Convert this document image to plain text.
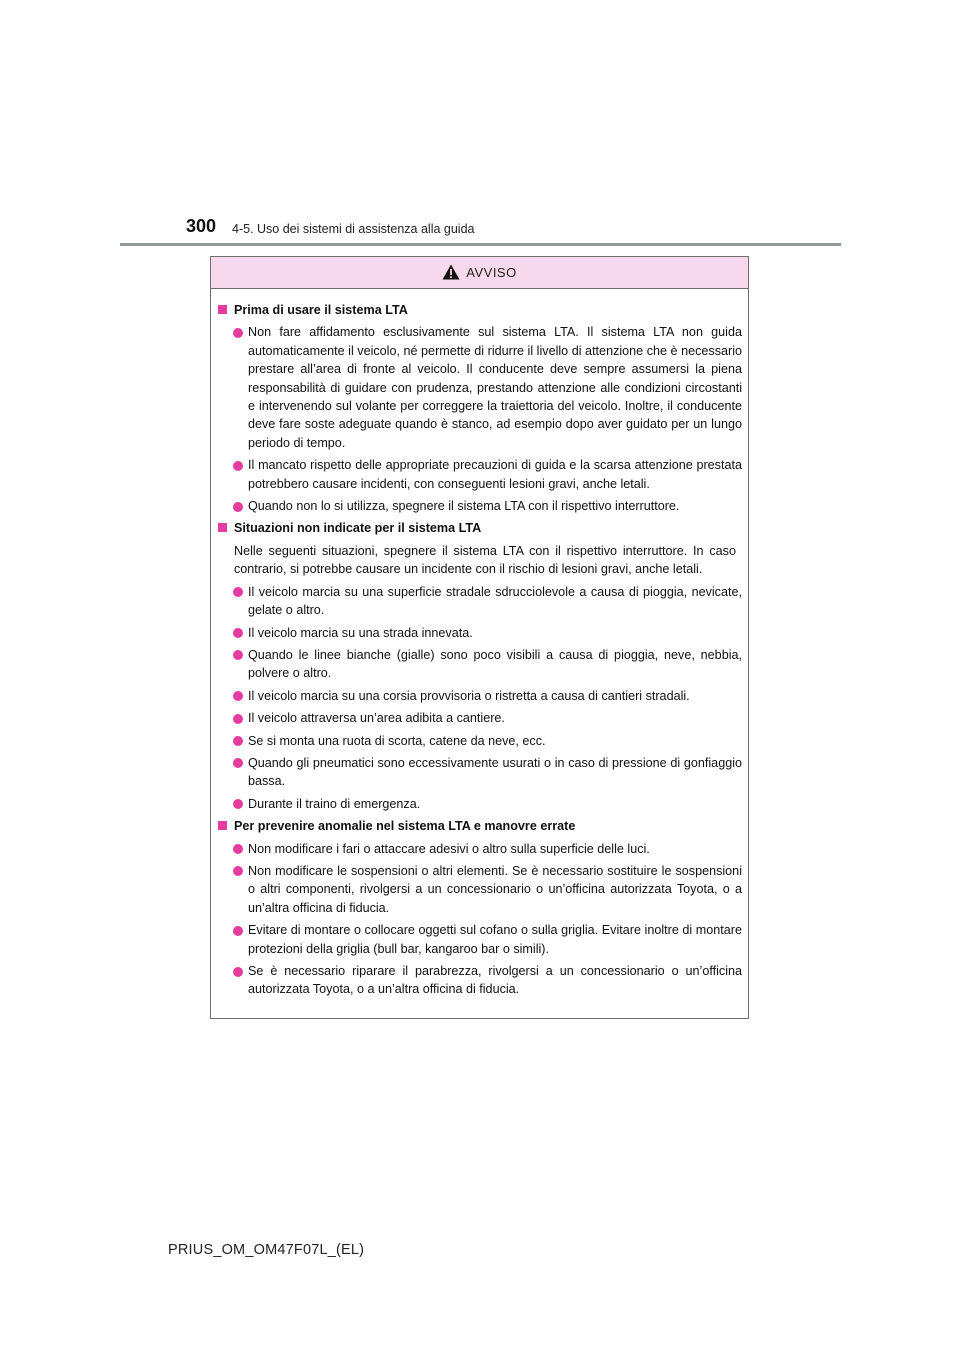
300 4-5. Uso dei sistemi di assistenza alla guida
AVVISO
Prima di usare il sistema LTA
Non fare affidamento esclusivamente sul sistema LTA. Il sistema LTA non guida automaticamente il veicolo, né permette di ridurre il livello di attenzione che è necessario prestare all’area di fronte al veicolo. Il conducente deve sempre assumersi la piena responsabilità di guidare con prudenza, prestando attenzione alle condizioni circostanti e intervenendo sul volante per correggere la traiettoria del veicolo. Inoltre, il conducente deve fare soste adeguate quando è stanco, ad esempio dopo aver guidato per un lungo periodo di tempo.
Il mancato rispetto delle appropriate precauzioni di guida e la scarsa attenzione prestata potrebbero causare incidenti, con conseguenti lesioni gravi, anche letali.
Quando non lo si utilizza, spegnere il sistema LTA con il rispettivo interruttore.
Situazioni non indicate per il sistema LTA
Nelle seguenti situazioni, spegnere il sistema LTA con il rispettivo interruttore. In caso contrario, si potrebbe causare un incidente con il rischio di lesioni gravi, anche letali.
Il veicolo marcia su una superficie stradale sdrucciolevole a causa di pioggia, nevicate, gelate o altro.
Il veicolo marcia su una strada innevata.
Quando le linee bianche (gialle) sono poco visibili a causa di pioggia, neve, nebbia, polvere o altro.
Il veicolo marcia su una corsia provvisoria o ristretta a causa di cantieri stradali.
Il veicolo attraversa un’area adibita a cantiere.
Se si monta una ruota di scorta, catene da neve, ecc.
Quando gli pneumatici sono eccessivamente usurati o in caso di pressione di gonfiaggio bassa.
Durante il traino di emergenza.
Per prevenire anomalie nel sistema LTA e manovre errate
Non modificare i fari o attaccare adesivi o altro sulla superficie delle luci.
Non modificare le sospensioni o altri elementi. Se è necessario sostituire le sospensioni o altri componenti, rivolgersi a un concessionario o un’officina autorizzata Toyota, o a un’altra officina di fiducia.
Evitare di montare o collocare oggetti sul cofano o sulla griglia. Evitare inoltre di montare protezioni della griglia (bull bar, kangaroo bar o simili).
Se è necessario riparare il parabrezza, rivolgersi a un concessionario o un’officina autorizzata Toyota, o a un’altra officina di fiducia.
PRIUS_OM_OM47F07L_(EL)
